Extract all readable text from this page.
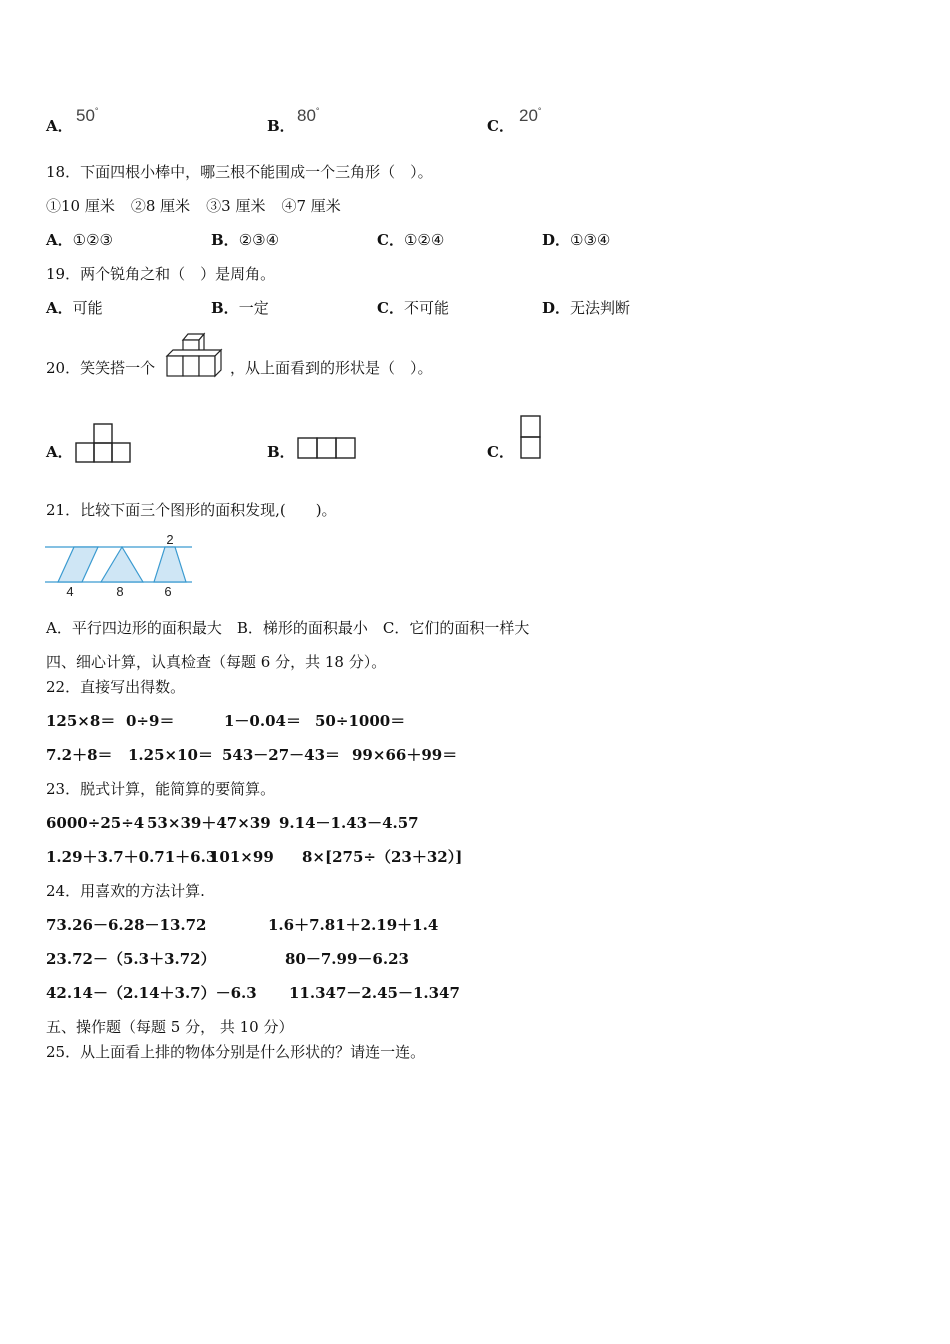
A．
50°
B．
80°
C．
20°
18．下面四根小棒中，哪三根不能围成一个三角形（　）。
①10 厘米 ②8 厘米 ③3 厘米 ④7 厘米
A．①②③	B．②③④	C．①②④	D．①③④
19．两个锐角之和（　）是周角。
A．可能	B．一定	C．不可能	D．无法判断
20．笑笑搭一个	，从上面看到的形状是（　）。
A．	B．	C．
21．比较下面三个图形的面积发现,(　　)。
2
4	8	6
A．平行四边形的面积最大　B．梯形的面积最小　C．它们的面积一样大
四、细心计算，认真检查（每题 6 分，共 18 分）。
22．直接写出得数。
125×8＝ 0÷9＝	1－0.04＝ 50÷1000＝
7.2＋8＝ 1.25×10＝ 543－27－43＝ 99×66＋99＝
23．脱式计算，能简算的要简算。
6000÷25÷4 53×39＋47×39 9.14－1.43－4.57
1.29＋3.7＋0.71＋6.3
101×99 8×[275÷（23＋32）]
24．用喜欢的方法计算.
73.26－6.28－13.72	1.6＋7.81＋2.19＋1.4
23.72－（5.3＋3.72）	80－7.99－6.23
42.14－（2.14＋3.7）－6.3 11.347－2.45－1.347
五、操作题（每题 5 分， 共 10 分）
25．从上面看上排的物体分别是什么形状的？请连一连。
